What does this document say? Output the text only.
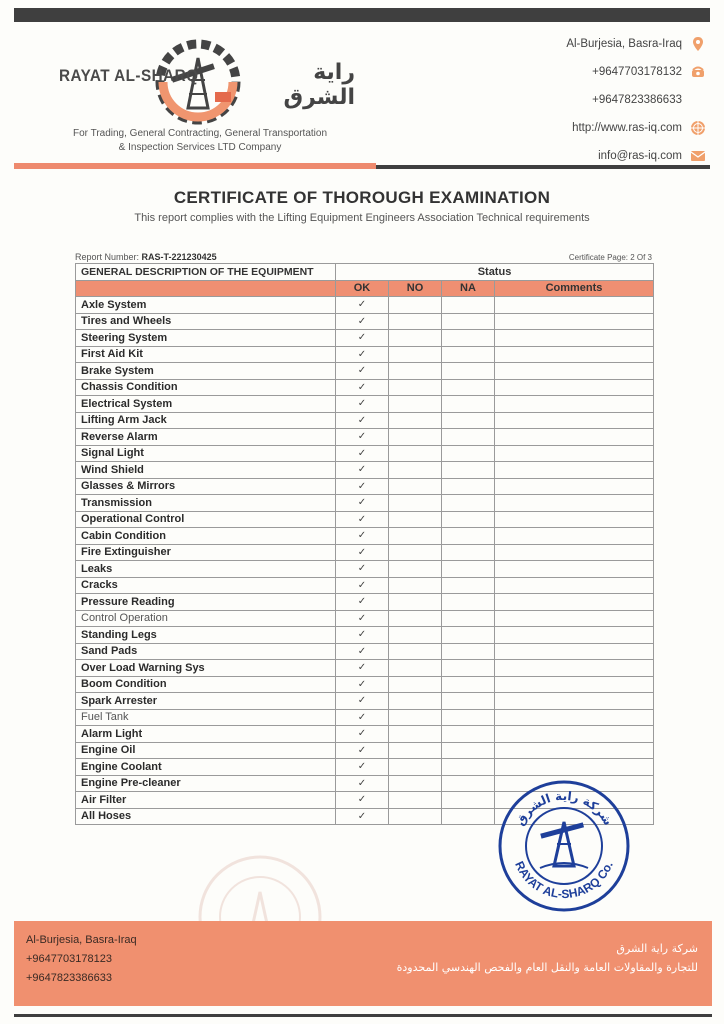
RAYAT AL-SHARQ	راية الشرق
For Trading, General Contracting, General Transportation
& Inspection Services LTD Company
Al-Burjesia, Basra-Iraq
+9647703178132
+9647823386633
http://www.ras-iq.com
info@ras-iq.com
CERTIFICATE OF THOROUGH EXAMINATION
This report complies with the Lifting Equipment Engineers Association Technical requirements
Report Number: RAS-T-221230425	Certificate Page: 2 Of 3
GENERAL DESCRIPTION OF THE EQUIPMENT	Status			
	OK	NO	NA	Comments
Axle System	✓			
Tires and Wheels	✓			
Steering System	✓			
First Aid Kit	✓			
Brake System	✓			
Chassis Condition	✓			
Electrical System	✓			
Lifting Arm Jack	✓			
Reverse Alarm	✓			
Signal Light	✓			
Wind Shield	✓			
Glasses & Mirrors	✓			
Transmission	✓			
Operational Control	✓			
Cabin Condition	✓			
Fire Extinguisher	✓			
Leaks	✓			
Cracks	✓			
Pressure Reading	✓			
Control Operation	✓			
Standing Legs	✓			
Sand Pads	✓			
Over Load Warning Sys	✓			
Boom Condition	✓			
Spark Arrester	✓			
Fuel Tank	✓			
Alarm Light	✓			
Engine Oil	✓			
Engine Coolant	✓			
Engine Pre-cleaner	✓			
Air Filter	✓			
All Hoses	✓				شركة راية الشرق
RAYAT AL-SHARQ Co.
Al-Burjesia, Basra-Iraq
+9647703178123
+9647823386633
شركة راية الشرق
للتجارة والمقاولات العامة والنقل العام والفحص الهندسي المحدودة
